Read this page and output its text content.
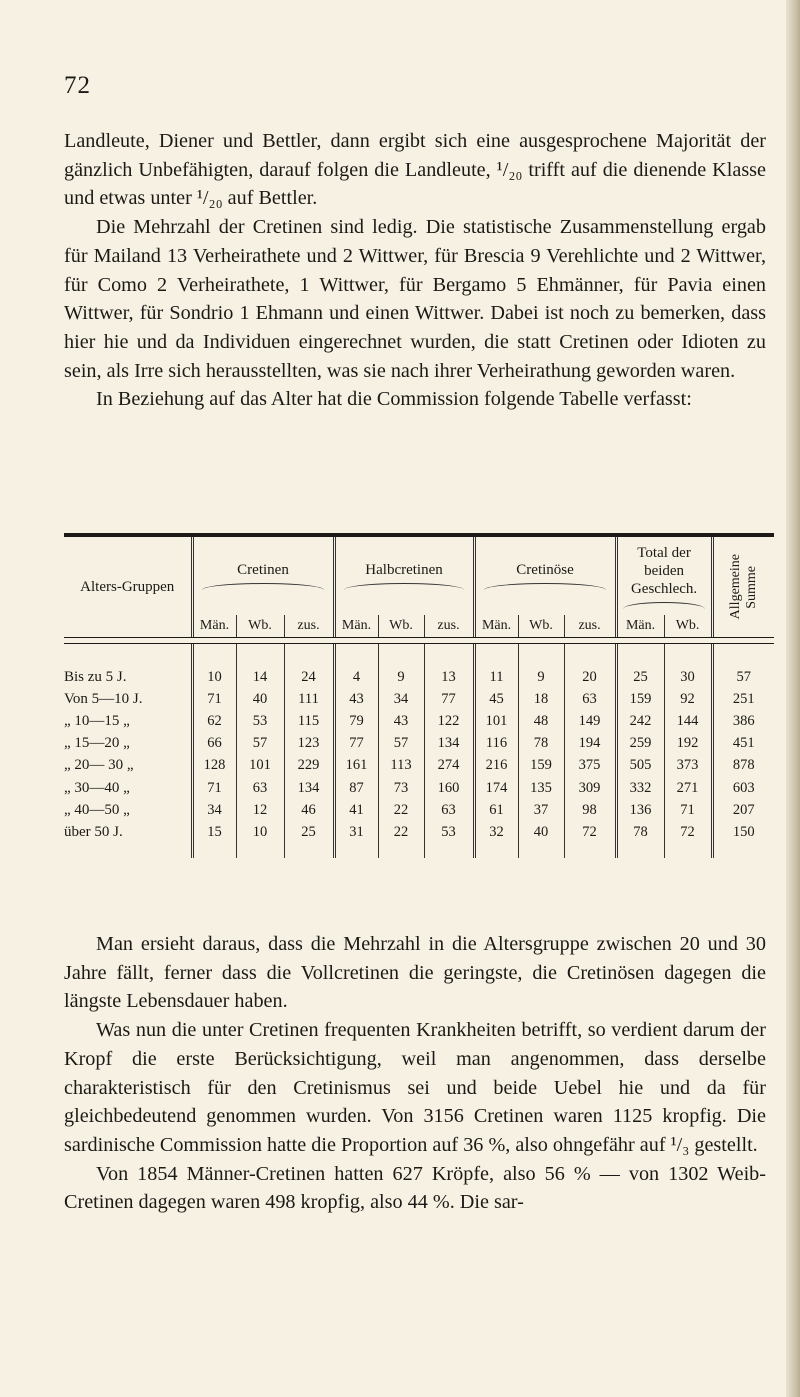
72

Landleute, Diener und Bettler, dann ergibt sich eine ausgesprochene Majorität der gänzlich Unbefähigten, darauf folgen die Landleute, ¹/₂₀ trifft auf die dienende Klasse und etwas unter ¹/₂₀ auf Bettler.

Die Mehrzahl der Cretinen sind ledig. Die statistische Zusammenstellung ergab für Mailand 13 Verheirathete und 2 Wittwer, für Brescia 9 Verehlichte und 2 Wittwer, für Como 2 Verheirathete, 1 Wittwer, für Bergamo 5 Ehmänner, für Pavia einen Wittwer, für Sondrio 1 Ehmann und einen Wittwer. Dabei ist noch zu bemerken, dass hier hie und da Individuen eingerechnet wurden, die statt Cretinen oder Idioten zu sein, als Irre sich herausstellten, was sie nach ihrer Verheirathung geworden waren.

In Beziehung auf das Alter hat die Commission folgende Tabelle verfasst:

Alters-Gruppen	Cretinen			Halbcretinen			Cretinöse			Total der beiden Geschlech.		Allgemeine Summe

	Män.	Wb.	zus.	Män.	Wb.	zus.	Män.	Wb.	zus.	Män.	Wb.	

Bis zu 5 J.	10	14	24	4	9	13	11	9	20	25	30	57
Von 5—10 J.	71	40	111	43	34	77	45	18	63	159	92	251
„ 10—15 „	62	53	115	79	43	122	101	48	149	242	144	386
„ 15—20 „	66	57	123	77	57	134	116	78	194	259	192	451
„ 20— 30 „	128	101	229	161	113	274	216	159	375	505	373	878
„ 30—40 „	71	63	134	87	73	160	174	135	309	332	271	603
„ 40—50 „	34	12	46	41	22	63	61	37	98	136	71	207
über 50 J.	15	10	25	31	22	53	32	40	72	78	72	150

Man ersieht daraus, dass die Mehrzahl in die Altersgruppe zwischen 20 und 30 Jahre fällt, ferner dass die Vollcretinen die geringste, die Cretinösen dagegen die längste Lebensdauer haben.

Was nun die unter Cretinen frequenten Krankheiten betrifft, so verdient darum der Kropf die erste Berücksichtigung, weil man angenommen, dass derselbe charakteristisch für den Cretinismus sei und beide Uebel hie und da für gleichbedeutend genommen wurden. Von 3156 Cretinen waren 1125 kropfig. Die sardinische Commission hatte die Proportion auf 36 %, also ohngefähr auf ¹/₃ gestellt.

Von 1854 Männer-Cretinen hatten 627 Kröpfe, also 56 % — von 1302 Weib-Cretinen dagegen waren 498 kropfig, also 44 %. Die sar-
